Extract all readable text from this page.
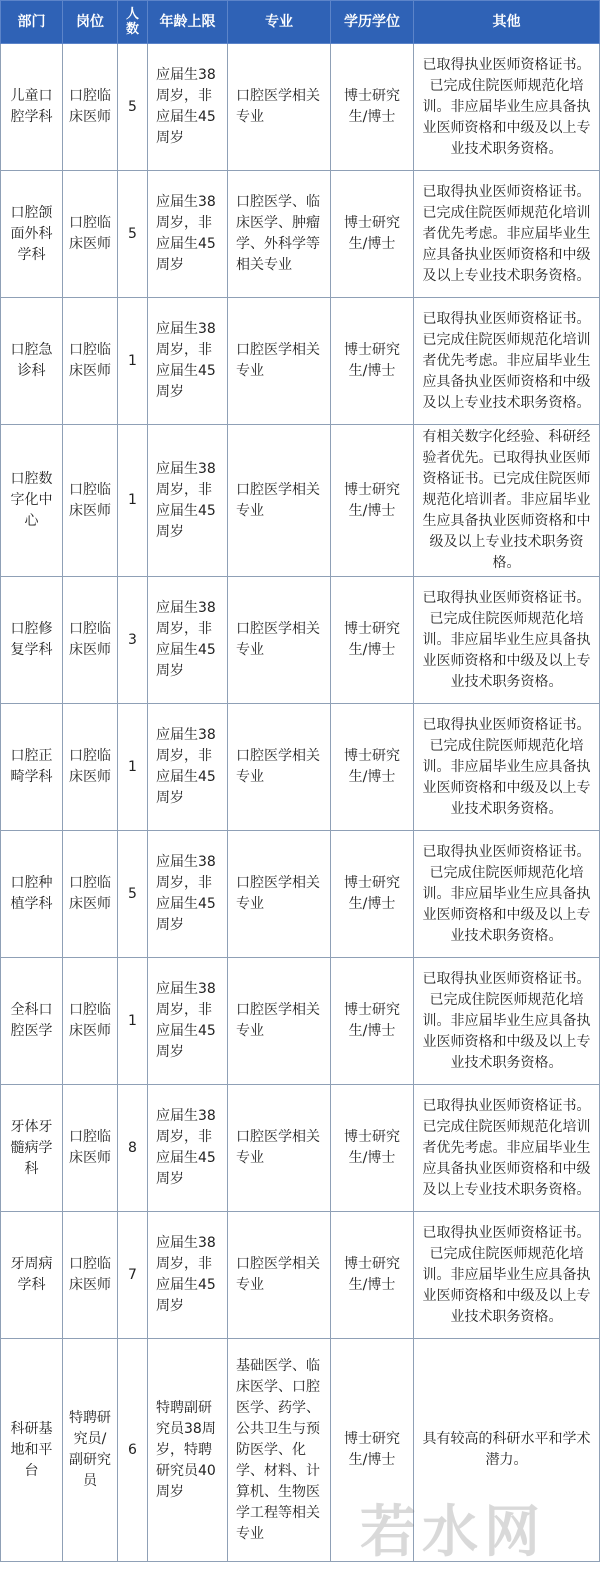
部门	岗位	人数	年龄上限	专业	学历学位	其他
儿童口腔学科	口腔临床医师	5	应届生38周岁，非应届生45周岁	口腔医学相关专业	博士研究生/博士	已取得执业医师资格证书。已完成住院医师规范化培训。非应届毕业生应具备执业医师资格和中级及以上专业技术职务资格。
口腔颌面外科学科	口腔临床医师	5	应届生38周岁，非应届生45周岁	口腔医学、临床医学、肿瘤学、外科学等相关专业	博士研究生/博士	已取得执业医师资格证书。已完成住院医师规范化培训者优先考虑。非应届毕业生应具备执业医师资格和中级及以上专业技术职务资格。
口腔急诊科	口腔临床医师	1	应届生38周岁，非应届生45周岁	口腔医学相关专业	博士研究生/博士	已取得执业医师资格证书。已完成住院医师规范化培训者优先考虑。非应届毕业生应具备执业医师资格和中级及以上专业技术职务资格。
口腔数字化中心	口腔临床医师	1	应届生38周岁，非应届生45周岁	口腔医学相关专业	博士研究生/博士	有相关数字化经验、科研经验者优先。已取得执业医师资格证书。已完成住院医师规范化培训者。非应届毕业生应具备执业医师资格和中级及以上专业技术职务资格。
口腔修复学科	口腔临床医师	3	应届生38周岁，非应届生45周岁	口腔医学相关专业	博士研究生/博士	已取得执业医师资格证书。已完成住院医师规范化培训。非应届毕业生应具备执业医师资格和中级及以上专业技术职务资格。
口腔正畸学科	口腔临床医师	1	应届生38周岁，非应届生45周岁	口腔医学相关专业	博士研究生/博士	已取得执业医师资格证书。已完成住院医师规范化培训。非应届毕业生应具备执业医师资格和中级及以上专业技术职务资格。
口腔种植学科	口腔临床医师	5	应届生38周岁，非应届生45周岁	口腔医学相关专业	博士研究生/博士	已取得执业医师资格证书。已完成住院医师规范化培训。非应届毕业生应具备执业医师资格和中级及以上专业技术职务资格。
全科口腔医学	口腔临床医师	1	应届生38周岁，非应届生45周岁	口腔医学相关专业	博士研究生/博士	已取得执业医师资格证书。已完成住院医师规范化培训。非应届毕业生应具备执业医师资格和中级及以上专业技术职务资格。
牙体牙髓病学科	口腔临床医师	8	应届生38周岁，非应届生45周岁	口腔医学相关专业	博士研究生/博士	已取得执业医师资格证书。已完成住院医师规范化培训者优先考虑。非应届毕业生应具备执业医师资格和中级及以上专业技术职务资格。
牙周病学科	口腔临床医师	7	应届生38周岁，非应届生45周岁	口腔医学相关专业	博士研究生/博士	已取得执业医师资格证书。已完成住院医师规范化培训。非应届毕业生应具备执业医师资格和中级及以上专业技术职务资格。
科研基地和平台	特聘研究员/副研究员	6	特聘副研究员38周岁，特聘研究员40周岁	基础医学、临床医学、口腔医学、药学、公共卫生与预防医学、化学、材料、计算机、生物医学工程等相关专业	博士研究生/博士	具有较高的科研水平和学术潜力。
若水网
